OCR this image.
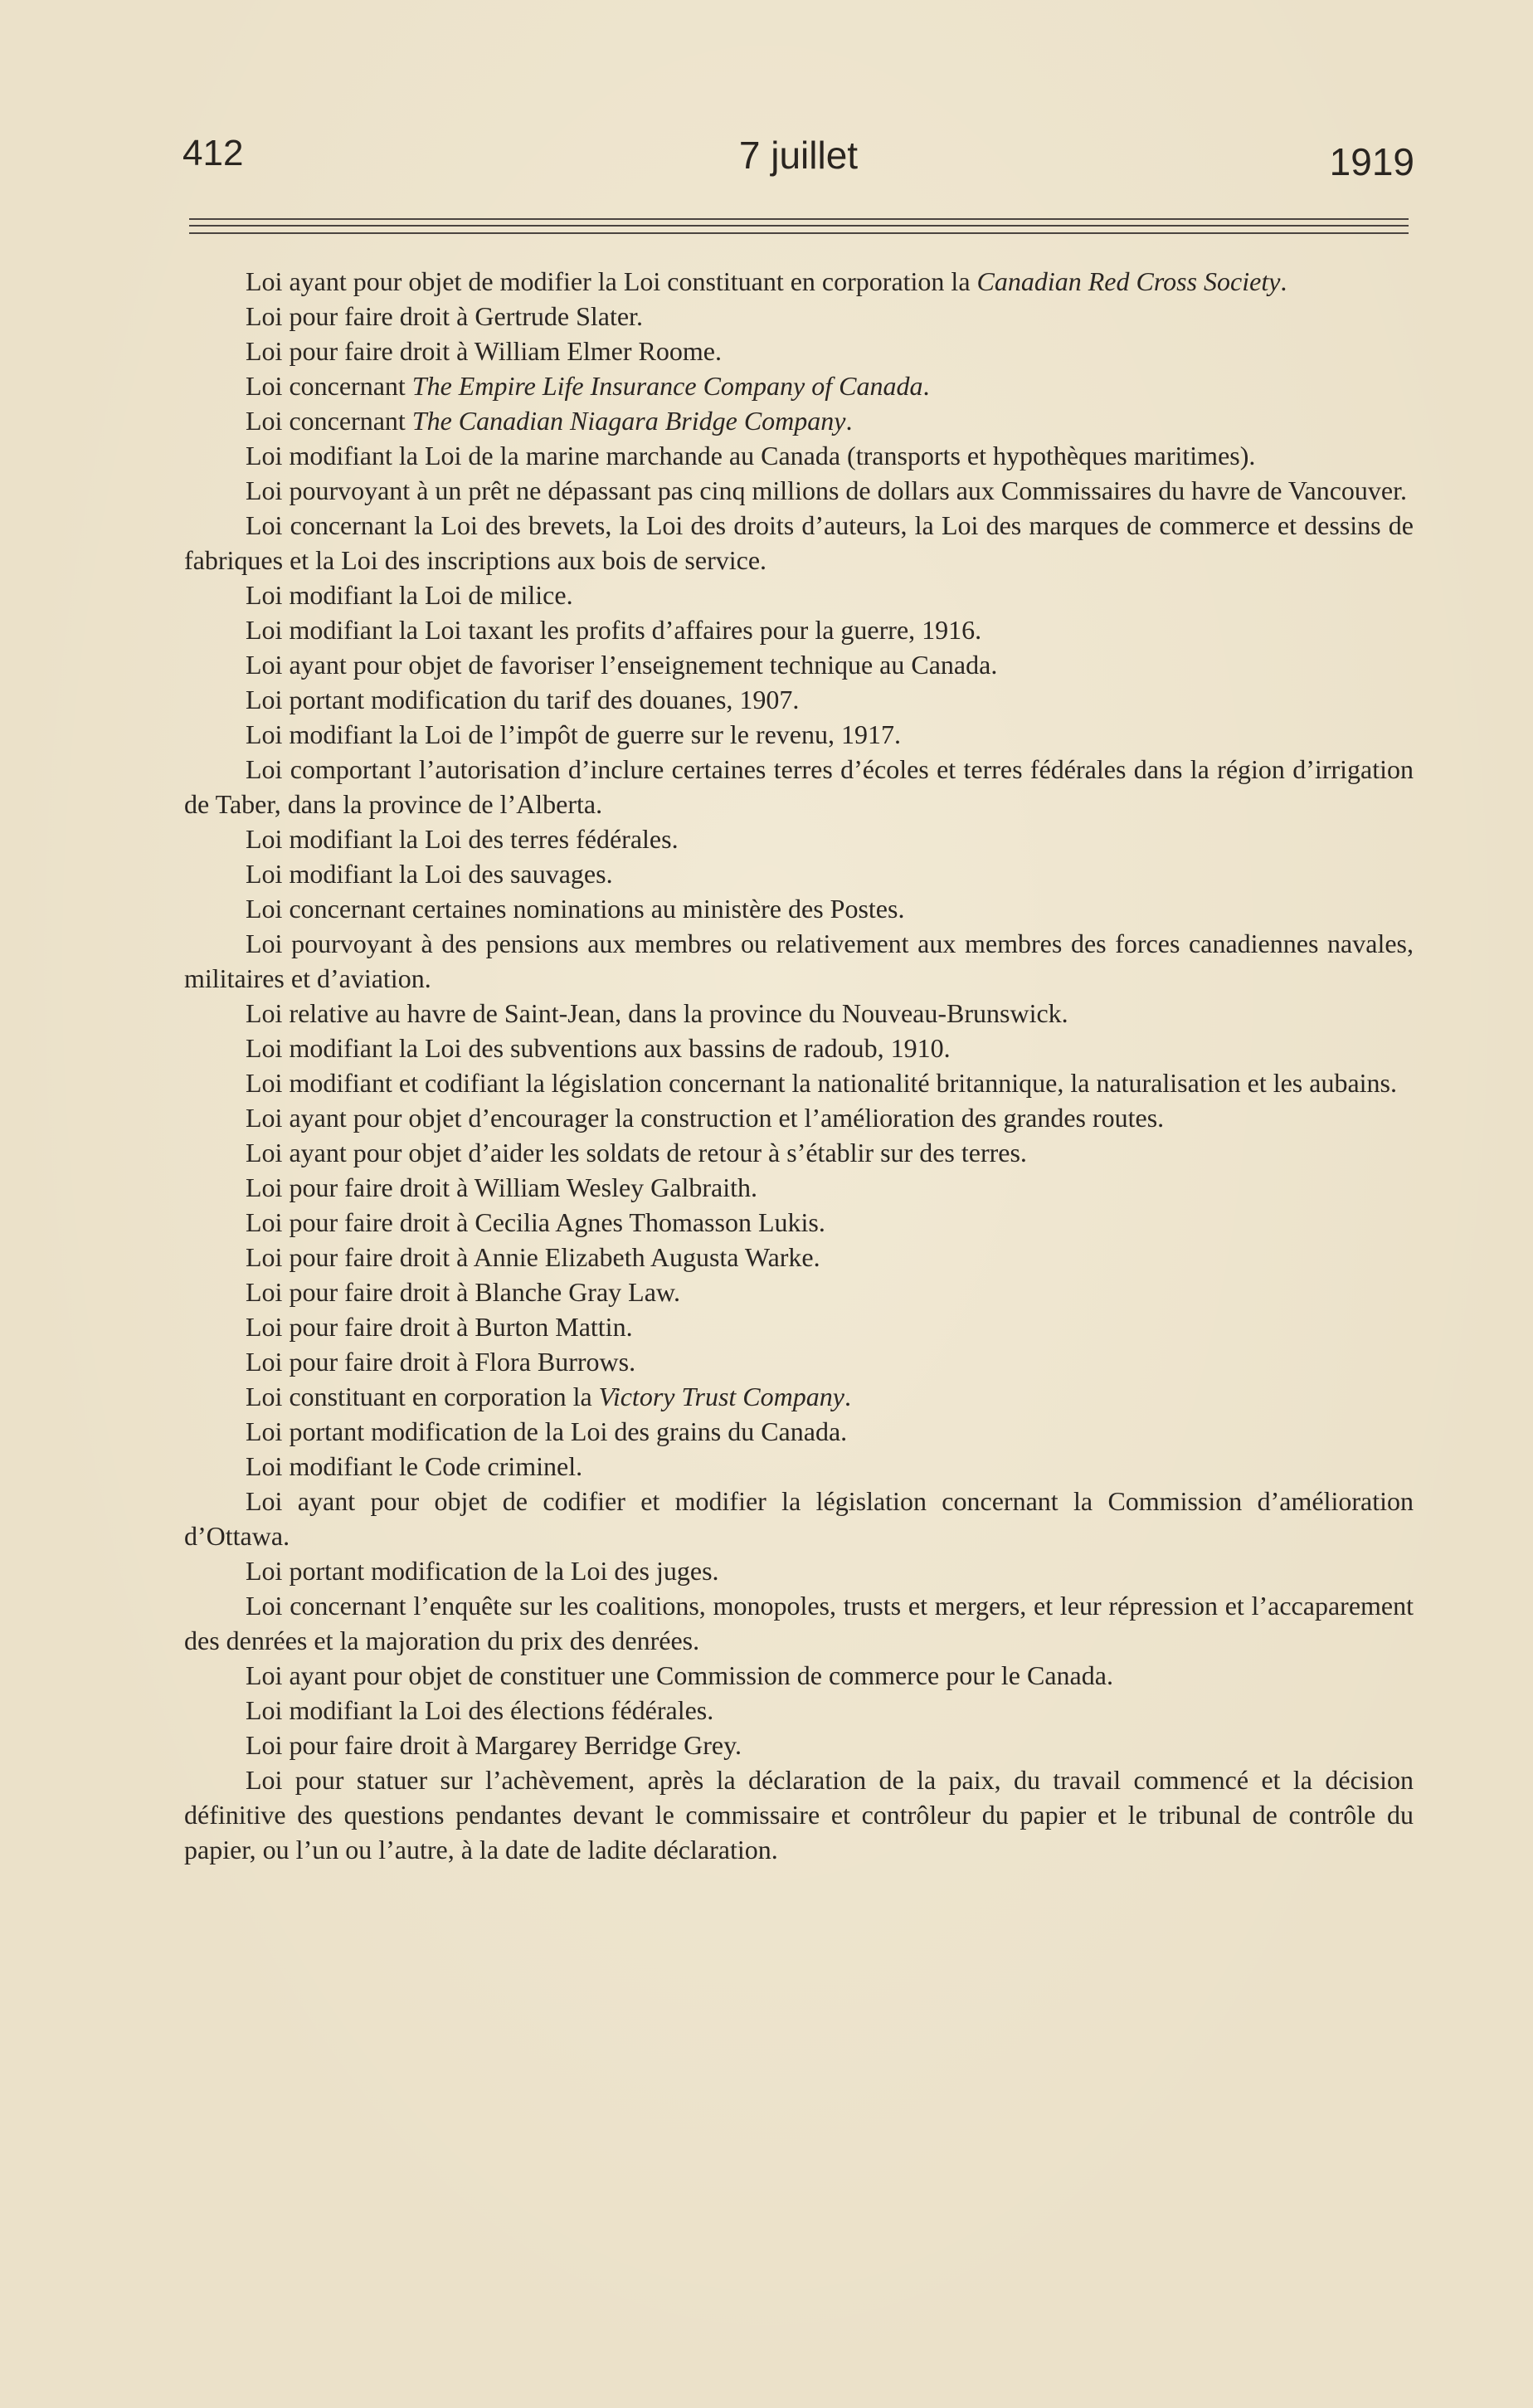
412	7 juillet	1919

Loi ayant pour objet de modifier la Loi constituant en corporation la Canadian Red Cross Society.

Loi pour faire droit à Gertrude Slater.

Loi pour faire droit à William Elmer Roome.

Loi concernant The Empire Life Insurance Company of Canada.

Loi concernant The Canadian Niagara Bridge Company.

Loi modifiant la Loi de la marine marchande au Canada (transports et hypothèques maritimes).

Loi pourvoyant à un prêt ne dépassant pas cinq millions de dollars aux Commissaires du havre de Vancouver.

Loi concernant la Loi des brevets, la Loi des droits d’auteurs, la Loi des marques de commerce et dessins de fabriques et la Loi des inscriptions aux bois de service.

Loi modifiant la Loi de milice.

Loi modifiant la Loi taxant les profits d’affaires pour la guerre, 1916.

Loi ayant pour objet de favoriser l’enseignement technique au Canada.

Loi portant modification du tarif des douanes, 1907.

Loi modifiant la Loi de l’impôt de guerre sur le revenu, 1917.

Loi comportant l’autorisation d’inclure certaines terres d’écoles et terres fédérales dans la région d’irrigation de Taber, dans la province de l’Alberta.

Loi modifiant la Loi des terres fédérales.

Loi modifiant la Loi des sauvages.

Loi concernant certaines nominations au ministère des Postes.

Loi pourvoyant à des pensions aux membres ou relativement aux membres des forces canadiennes navales, militaires et d’aviation.

Loi relative au havre de Saint-Jean, dans la province du Nouveau-Brunswick.

Loi modifiant la Loi des subventions aux bassins de radoub, 1910.

Loi modifiant et codifiant la législation concernant la nationalité britannique, la naturalisation et les aubains.

Loi ayant pour objet d’encourager la construction et l’amélioration des grandes routes.

Loi ayant pour objet d’aider les soldats de retour à s’établir sur des terres.

Loi pour faire droit à William Wesley Galbraith.

Loi pour faire droit à Cecilia Agnes Thomasson Lukis.

Loi pour faire droit à Annie Elizabeth Augusta Warke.

Loi pour faire droit à Blanche Gray Law.

Loi pour faire droit à Burton Mattin.

Loi pour faire droit à Flora Burrows.

Loi constituant en corporation la Victory Trust Company.

Loi portant modification de la Loi des grains du Canada.

Loi modifiant le Code criminel.

Loi ayant pour objet de codifier et modifier la législation concernant la Commission d’amélioration d’Ottawa.

Loi portant modification de la Loi des juges.

Loi concernant l’enquête sur les coalitions, monopoles, trusts et mergers, et leur répression et l’accaparement des denrées et la majoration du prix des denrées.

Loi ayant pour objet de constituer une Commission de commerce pour le Canada.

Loi modifiant la Loi des élections fédérales.

Loi pour faire droit à Margarey Berridge Grey.

Loi pour statuer sur l’achèvement, après la déclaration de la paix, du travail commencé et la décision définitive des questions pendantes devant le commissaire et contrôleur du papier et le tribunal de contrôle du papier, ou l’un ou l’autre, à la date de ladite déclaration.
